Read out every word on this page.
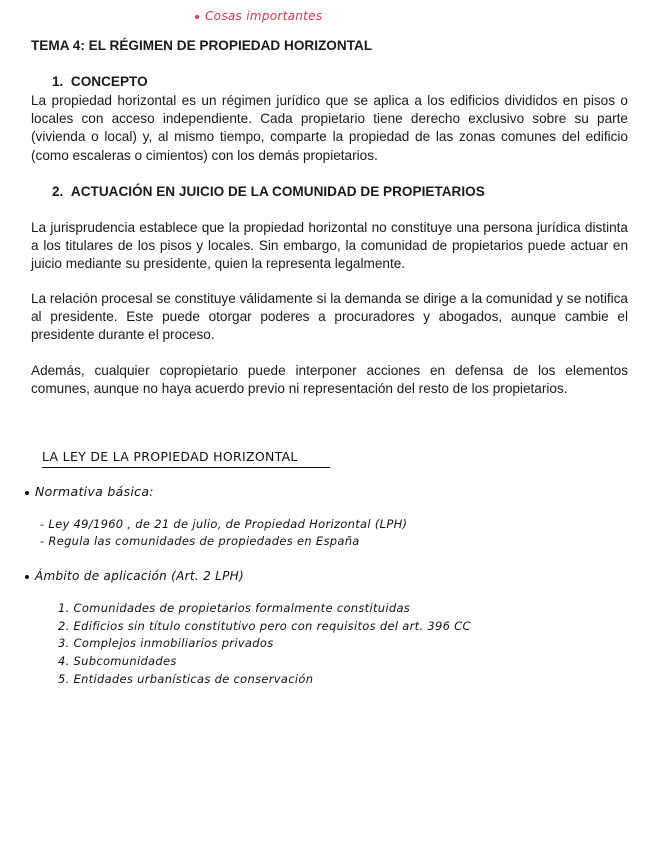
Cosas importantes
TEMA 4: EL RÉGIMEN DE PROPIEDAD HORIZONTAL
1.  CONCEPTO
La propiedad horizontal es un régimen jurídico que se aplica a los edificios divididos en pisos o locales con acceso independiente. Cada propietario tiene derecho exclusivo sobre su parte (vivienda o local) y, al mismo tiempo, comparte la propiedad de las zonas comunes del edificio (como escaleras o cimientos) con los demás propietarios.
2.  ACTUACIÓN EN JUICIO DE LA COMUNIDAD DE PROPIETARIOS
La jurisprudencia establece que la propiedad horizontal no constituye una persona jurídica distinta a los titulares de los pisos y locales. Sin embargo, la comunidad de propietarios puede actuar en juicio mediante su presidente, quien la representa legalmente.
La relación procesal se constituye válidamente si la demanda se dirige a la comunidad y se notifica al presidente. Este puede otorgar poderes a procuradores y abogados, aunque cambie el presidente durante el proceso.
Además, cualquier copropietario puede interponer acciones en defensa de los elementos comunes, aunque no haya acuerdo previo ni representación del resto de los propietarios.
LA LEY DE LA PROPIEDAD HORIZONTAL
Normativa básica:
- Ley 49/1960 , de 21 de julio, de Propiedad Horizontal (LPH)
- Regula las comunidades de propiedades en España
Ámbito de aplicación (Art. 2 LPH)
1. Comunidades de propietarios formalmente constituidas
2. Edificios sin título constitutivo pero con requisitos del art. 396 CC
3. Complejos inmobiliarios privados
4. Subcomunidades
5. Entidades urbanísticas de conservación
